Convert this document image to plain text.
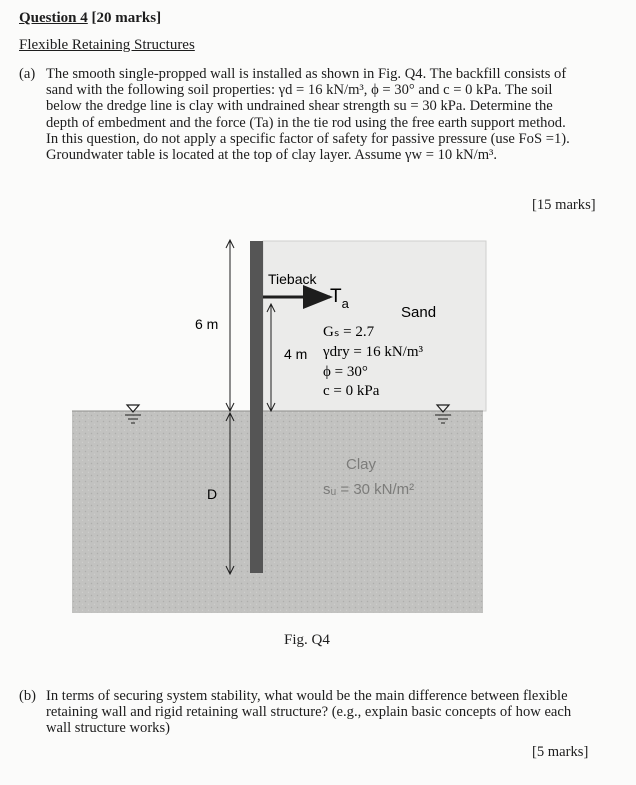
Question 4 [20 marks]
Flexible Retaining Structures
(a) The smooth single-propped wall is installed as shown in Fig. Q4. The backfill consists of
sand with the following soil properties: γd = 16 kN/m³, ϕ = 30° and c = 0 kPa. The soil
below the dredge line is clay with undrained shear strength su = 30 kPa. Determine the
depth of embedment and the force (Ta) in the tie rod using the free earth support method.
In this question, do not apply a specific factor of safety for passive pressure (use FoS =1).
Groundwater table is located at the top of clay layer. Assume γw = 10 kN/m³.
[15 marks]
6 m
D
4 m
Tieback
$T_a$
Sand
Gₛ = 2.7
γdry = 16 kN/m³
ϕ = 30°
c = 0 kPa
Clay
sᵤ = 30 kN/m²
Fig. Q4
(b) In terms of securing system stability, what would be the main difference between flexible
retaining wall and rigid retaining wall structure? (e.g., explain basic concepts of how each
wall structure works)
[5 marks]
